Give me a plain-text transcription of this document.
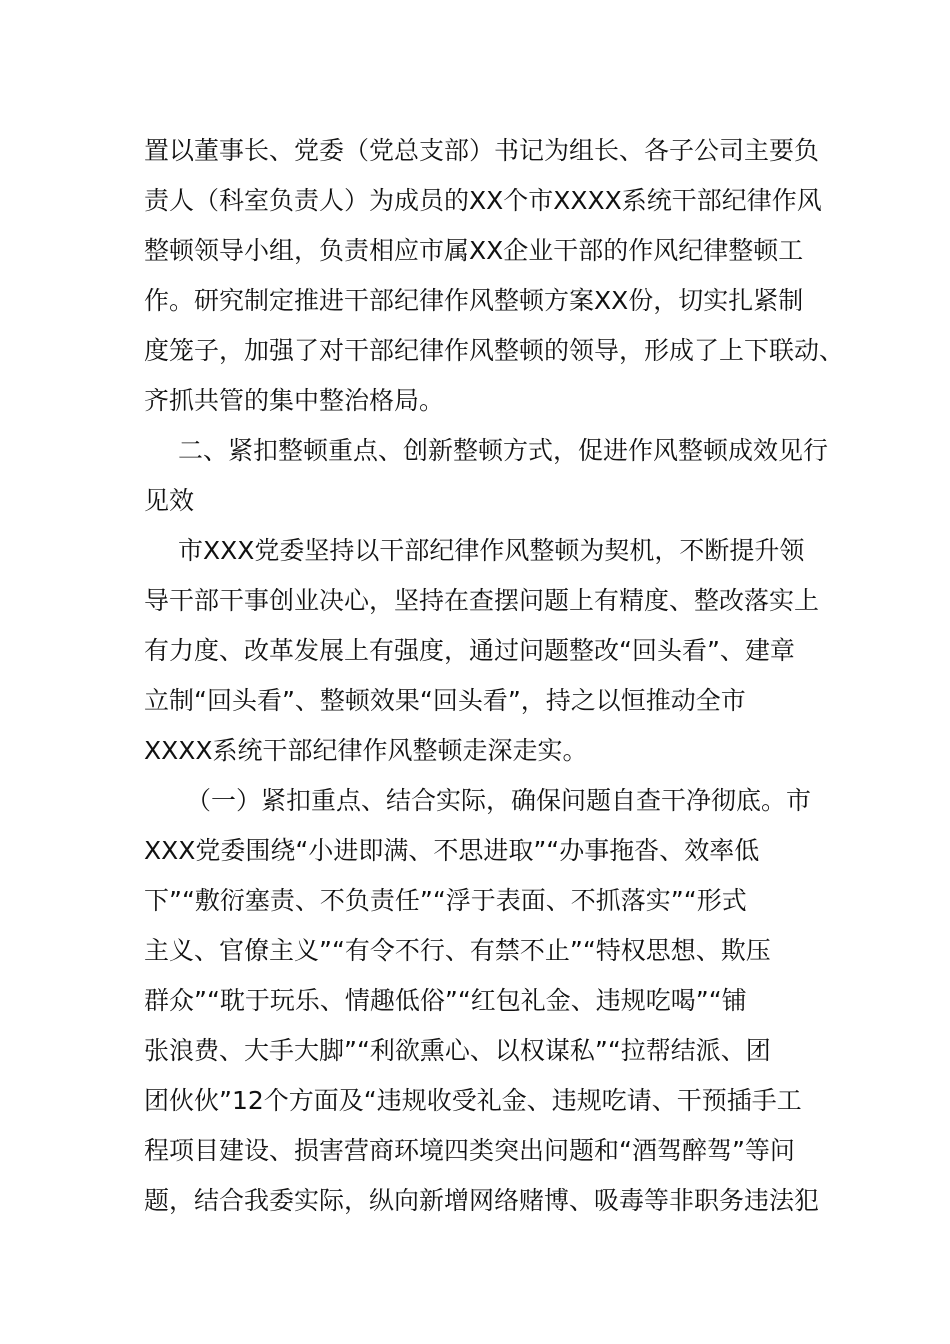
置以董事长、党委（党总支部）书记为组长、各子公司主要负
责人（科室负责人）为成员的XX个市XXXX系统干部纪律作风
整顿领导小组，负责相应市属XX企业干部的作风纪律整顿工
作。研究制定推进干部纪律作风整顿方案XX份，切实扎紧制
度笼子，加强了对干部纪律作风整顿的领导，形成了上下联动、
齐抓共管的集中整治格局。
二、紧扣整顿重点、创新整顿方式，促进作风整顿成效见行
见效
市XXX党委坚持以干部纪律作风整顿为契机，不断提升领
导干部干事创业决心，坚持在查摆问题上有精度、整改落实上
有力度、改革发展上有强度，通过问题整改“回头看”、建章
立制“回头看”、整顿效果“回头看”，持之以恒推动全市
XXXX系统干部纪律作风整顿走深走实。
（一）紧扣重点、结合实际，确保问题自查干净彻底。市
XXX党委围绕“小进即满、不思进取”“办事拖沓、效率低
下”“敷衍塞责、不负责任”“浮于表面、不抓落实”“形式
主义、官僚主义”“有令不行、有禁不止”“特权思想、欺压
群众”“耽于玩乐、情趣低俗”“红包礼金、违规吃喝”“铺
张浪费、大手大脚”“利欲熏心、以权谋私”“拉帮结派、团
团伙伙”12个方面及“违规收受礼金、违规吃请、干预插手工
程项目建设、损害营商环境四类突出问题和“酒驾醉驾”等问
题，结合我委实际，纵向新增网络赌博、吸毒等非职务违法犯
